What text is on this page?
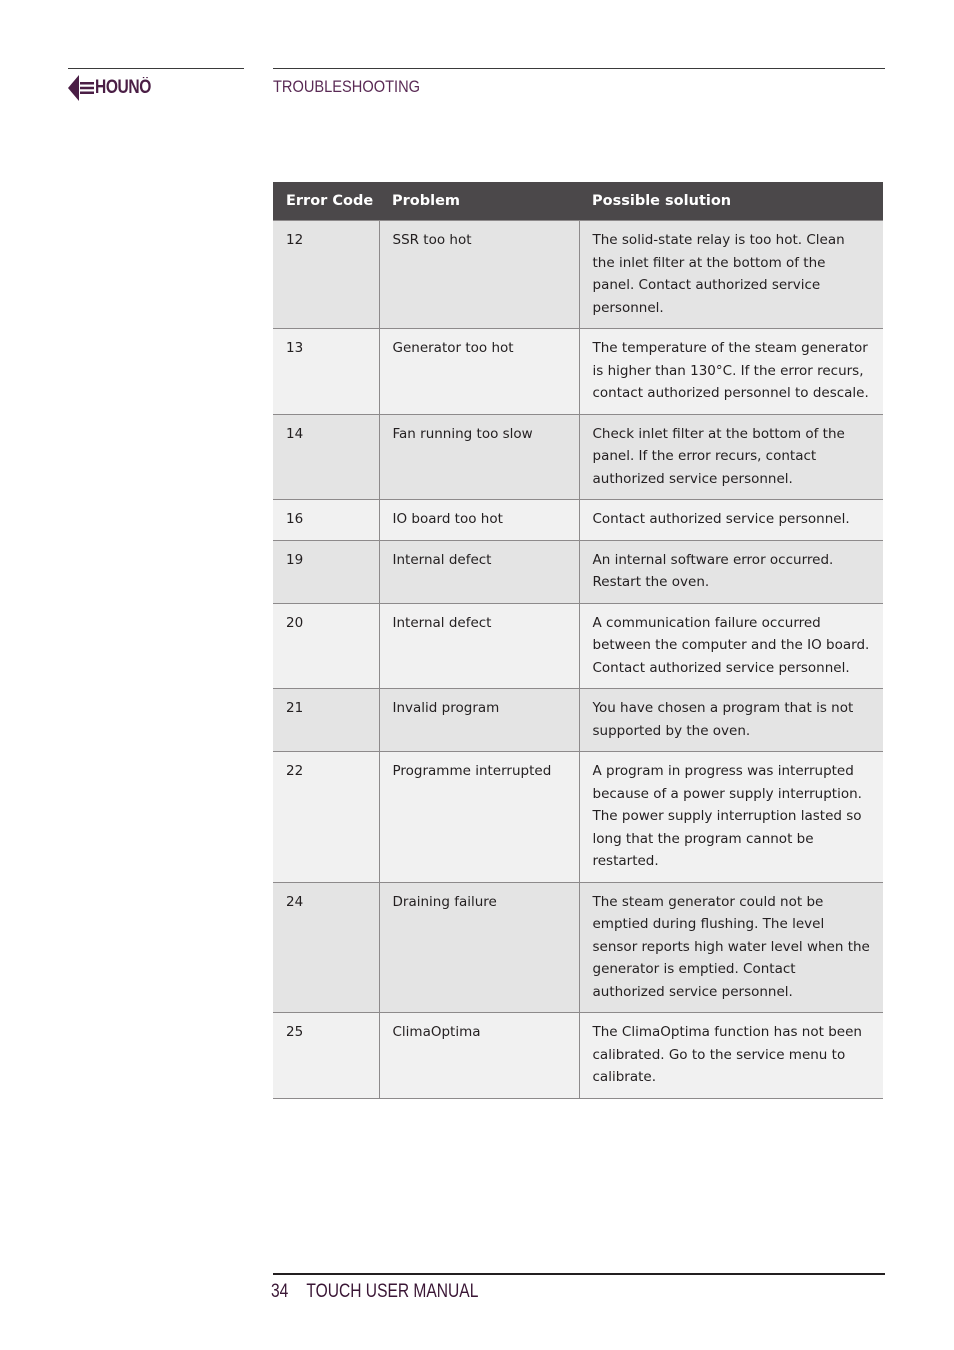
HOUNÖ	TROUBLESHOOTING
Error Code	Problem	Possible solution
12	SSR too hot	The solid-state relay is too hot. Clean the inlet filter at the bottom of the panel. Contact authorized service personnel.
13	Generator too hot	The temperature of the steam generator is higher than 130°C. If the error recurs, contact authorized personnel to descale.
14	Fan running too slow	Check inlet filter at the bottom of the panel. If the error recurs, contact authorized service personnel.
16	IO board too hot	Contact authorized service personnel.
19	Internal defect	An internal software error occurred. Restart the oven.
20	Internal defect	A communication failure occurred between the computer and the IO board. Contact authorized service personnel.
21	Invalid program	You have chosen a program that is not supported by the oven.
22	Programme interrupted	A program in progress was interrupted because of a power supply interruption. The power supply interruption lasted so long that the program cannot be restarted.
24	Draining failure	The steam generator could not be emptied during flushing. The level sensor reports high water level when the generator is emptied. Contact authorized service personnel.
25	ClimaOptima	The ClimaOptima function has not been calibrated. Go to the service menu to calibrate.
34 TOUCH USER MANUAL
